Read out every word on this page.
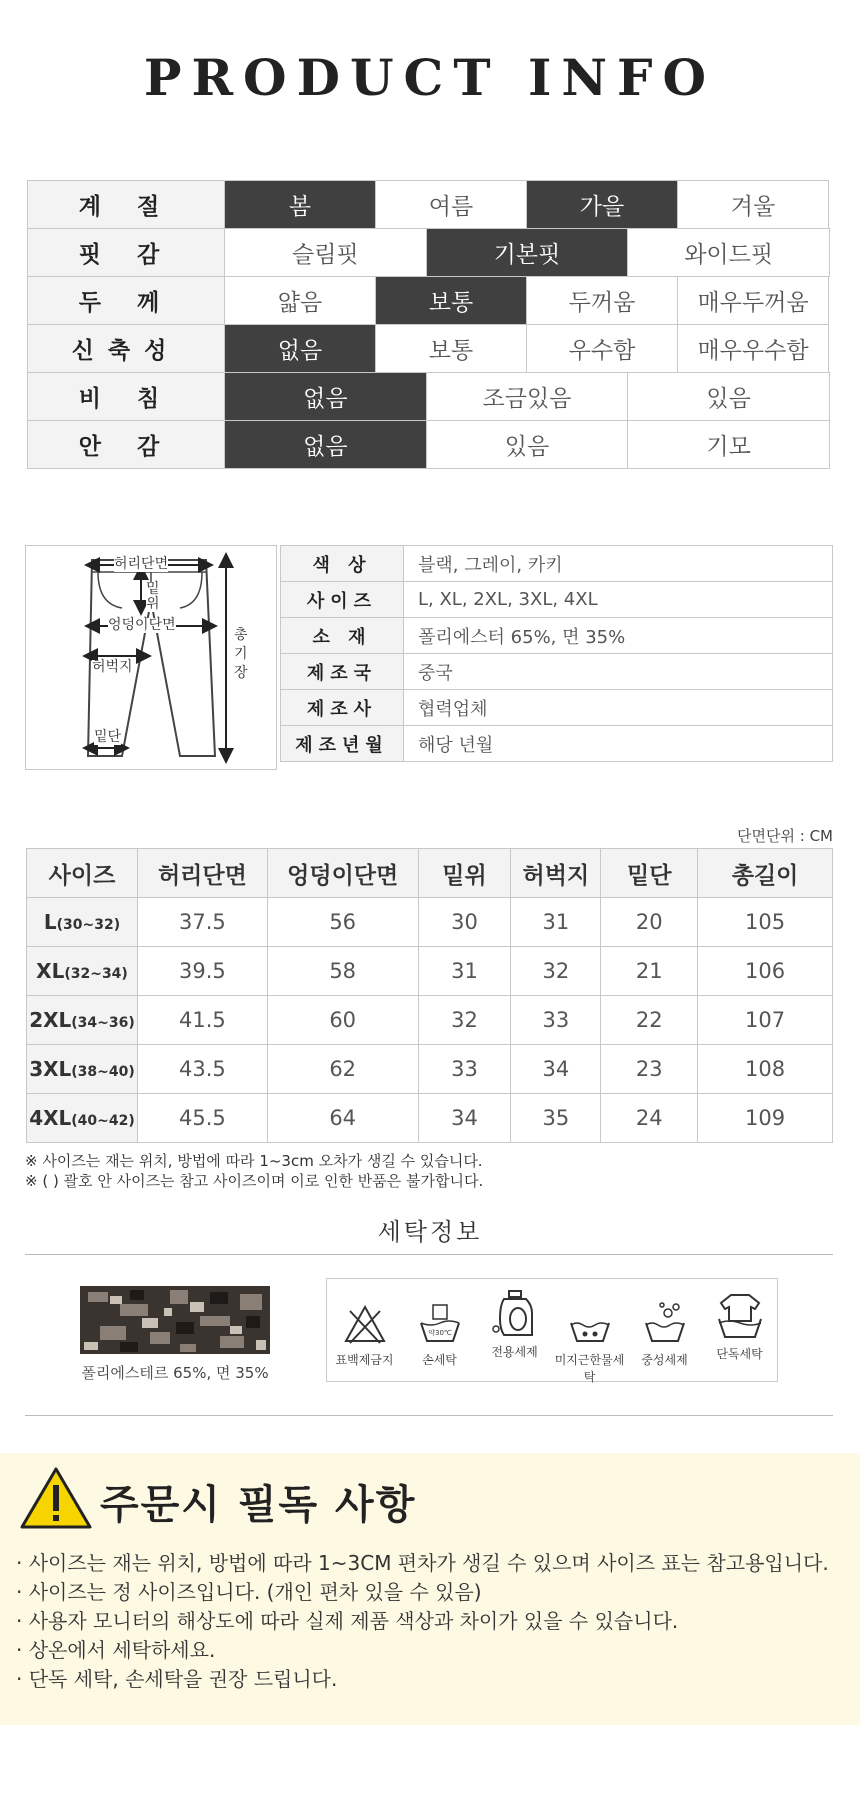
PRODUCT INFO
계 절	봄	여름	가을	겨울
핏 감	슬림핏	기본핏	와이드핏
두 께	얇음	보통	두꺼움	매우두꺼움
신축성	없음	보통	우수함	매우우수함
비 침	없음	조금있음	있음
안 감	없음	있음	기모
허리단면
밑위
엉덩이단면
허벅지
밑단
총기장
색 상	블랙, 그레이, 카키
사이즈	L, XL, 2XL, 3XL, 4XL
소 재	폴리에스터 65%, 면 35%
제조국	중국
제조사	협력업체
제조년월	해당 년월
단면단위 : CM
사이즈	허리단면	엉덩이단면	밑위	허벅지	밑단	총길이
L(30~32)	37.5	56	30	31	20	105
XL(32~34)	39.5	58	31	32	21	106
2XL(34~36)	41.5	60	32	33	22	107
3XL(38~40)	43.5	62	33	34	23	108
4XL(40~42)	45.5	64	34	35	24	109
※ 사이즈는 재는 위치, 방법에 따라 1~3cm 오차가 생길 수 있습니다.
※ ( ) 괄호 안 사이즈는 참고 사이즈이며 이로 인한 반품은 불가합니다.
세탁정보
폴리에스테르 65%, 면 35%
표백제금지
약30℃
손세탁
전용세제
미지근한물세탁
중성세제	단독세탁
주문시 필독 사항
· 사이즈는 재는 위치, 방법에 따라 1~3CM 편차가 생길 수 있으며 사이즈 표는 참고용입니다.
· 사이즈는 정 사이즈입니다. (개인 편차 있을 수 있음)
· 사용자 모니터의 해상도에 따라 실제 제품 색상과 차이가 있을 수 있습니다.
· 상온에서 세탁하세요.
· 단독 세탁, 손세탁을 권장 드립니다.
